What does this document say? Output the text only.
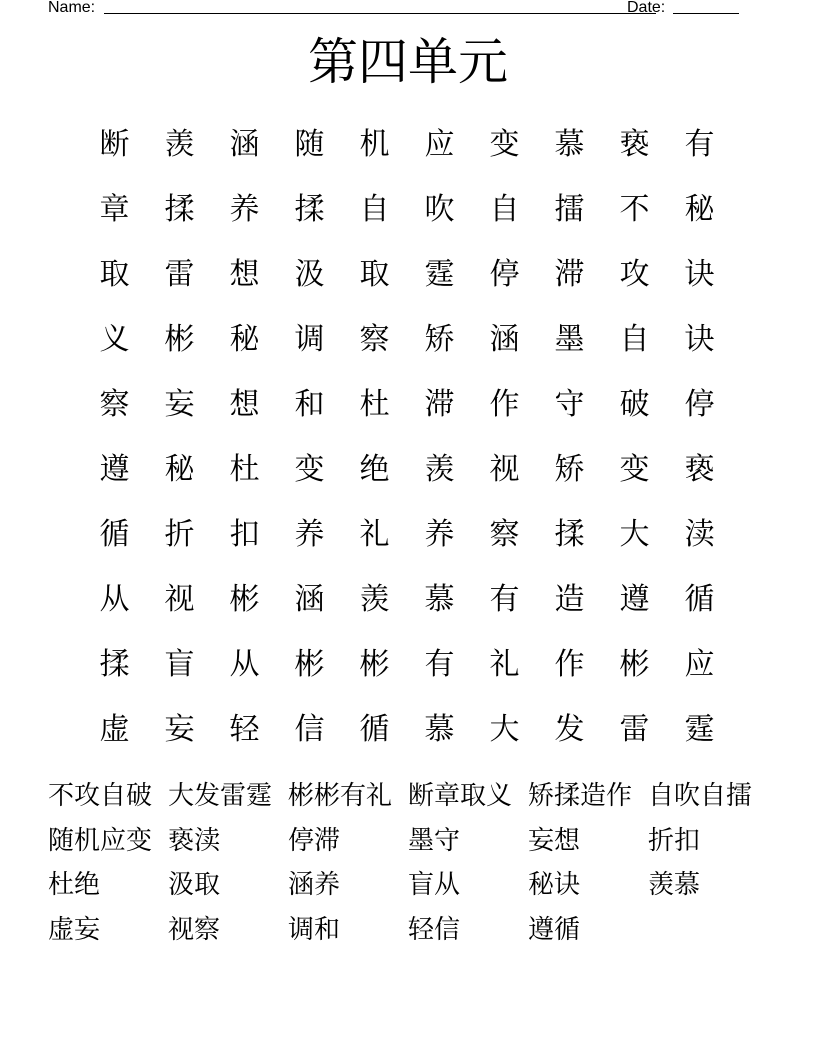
Name:	Date:
第四单元
断	羡	涵	随	机	应	变	慕	亵	有
章	揉	养	揉	自	吹	自	擂	不	秘
取	雷	想	汲	取	霆	停	滞	攻	诀
义	彬	秘	调	察	矫	涵	墨	自	诀
察	妄	想	和	杜	滞	作	守	破	停
遵	秘	杜	变	绝	羡	视	矫	变	亵
循	折	扣	养	礼	养	察	揉	大	渎
从	视	彬	涵	羡	慕	有	造	遵	循
揉	盲	从	彬	彬	有	礼	作	彬	应
虚	妄	轻	信	循	慕	大	发	雷	霆
不攻自破 大发雷霆 彬彬有礼 断章取义 矫揉造作 自吹自擂
随机应变 亵渎	停滞	墨守	妄想	折扣
杜绝	汲取	涵养	盲从	秘诀	羡慕
虚妄	视察	调和	轻信	遵循
